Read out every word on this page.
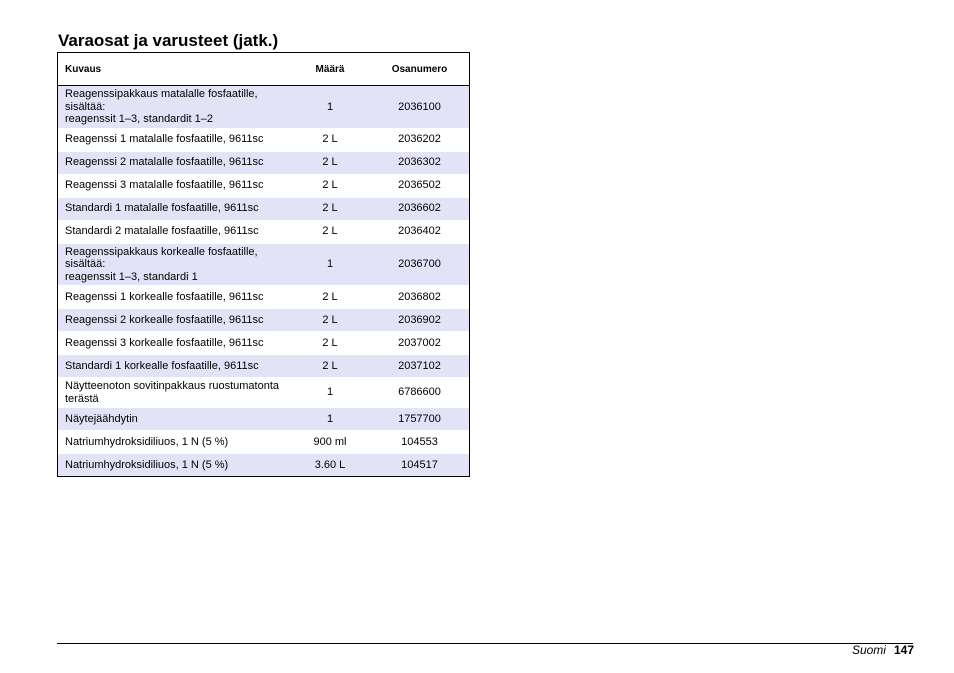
Varaosat ja varusteet (jatk.)
Kuvaus	Määrä	Osanumero
Reagenssipakkaus matalalle fosfaatille,
sisältää:
reagenssit 1–3, standardit 1–2	1	2036100
Reagenssi 1 matalalle fosfaatille, 9611sc	2 L	2036202
Reagenssi 2 matalalle fosfaatille, 9611sc	2 L	2036302
Reagenssi 3 matalalle fosfaatille, 9611sc	2 L	2036502
Standardi 1 matalalle fosfaatille, 9611sc	2 L	2036602
Standardi 2 matalalle fosfaatille, 9611sc	2 L	2036402
Reagenssipakkaus korkealle fosfaatille,
sisältää:
reagenssit 1–3, standardi 1	1	2036700
Reagenssi 1 korkealle fosfaatille, 9611sc	2 L	2036802
Reagenssi 2 korkealle fosfaatille, 9611sc	2 L	2036902
Reagenssi 3 korkealle fosfaatille, 9611sc	2 L	2037002
Standardi 1 korkealle fosfaatille, 9611sc	2 L	2037102
Näytteenoton sovitinpakkaus ruostumatonta
terästä	1	6786600
Näytejäähdytin	1	1757700
Natriumhydroksidiliuos, 1 N (5 %)	900 ml	104553
Natriumhydroksidiliuos, 1 N (5 %)	3.60 L	104517
Suomi 147
